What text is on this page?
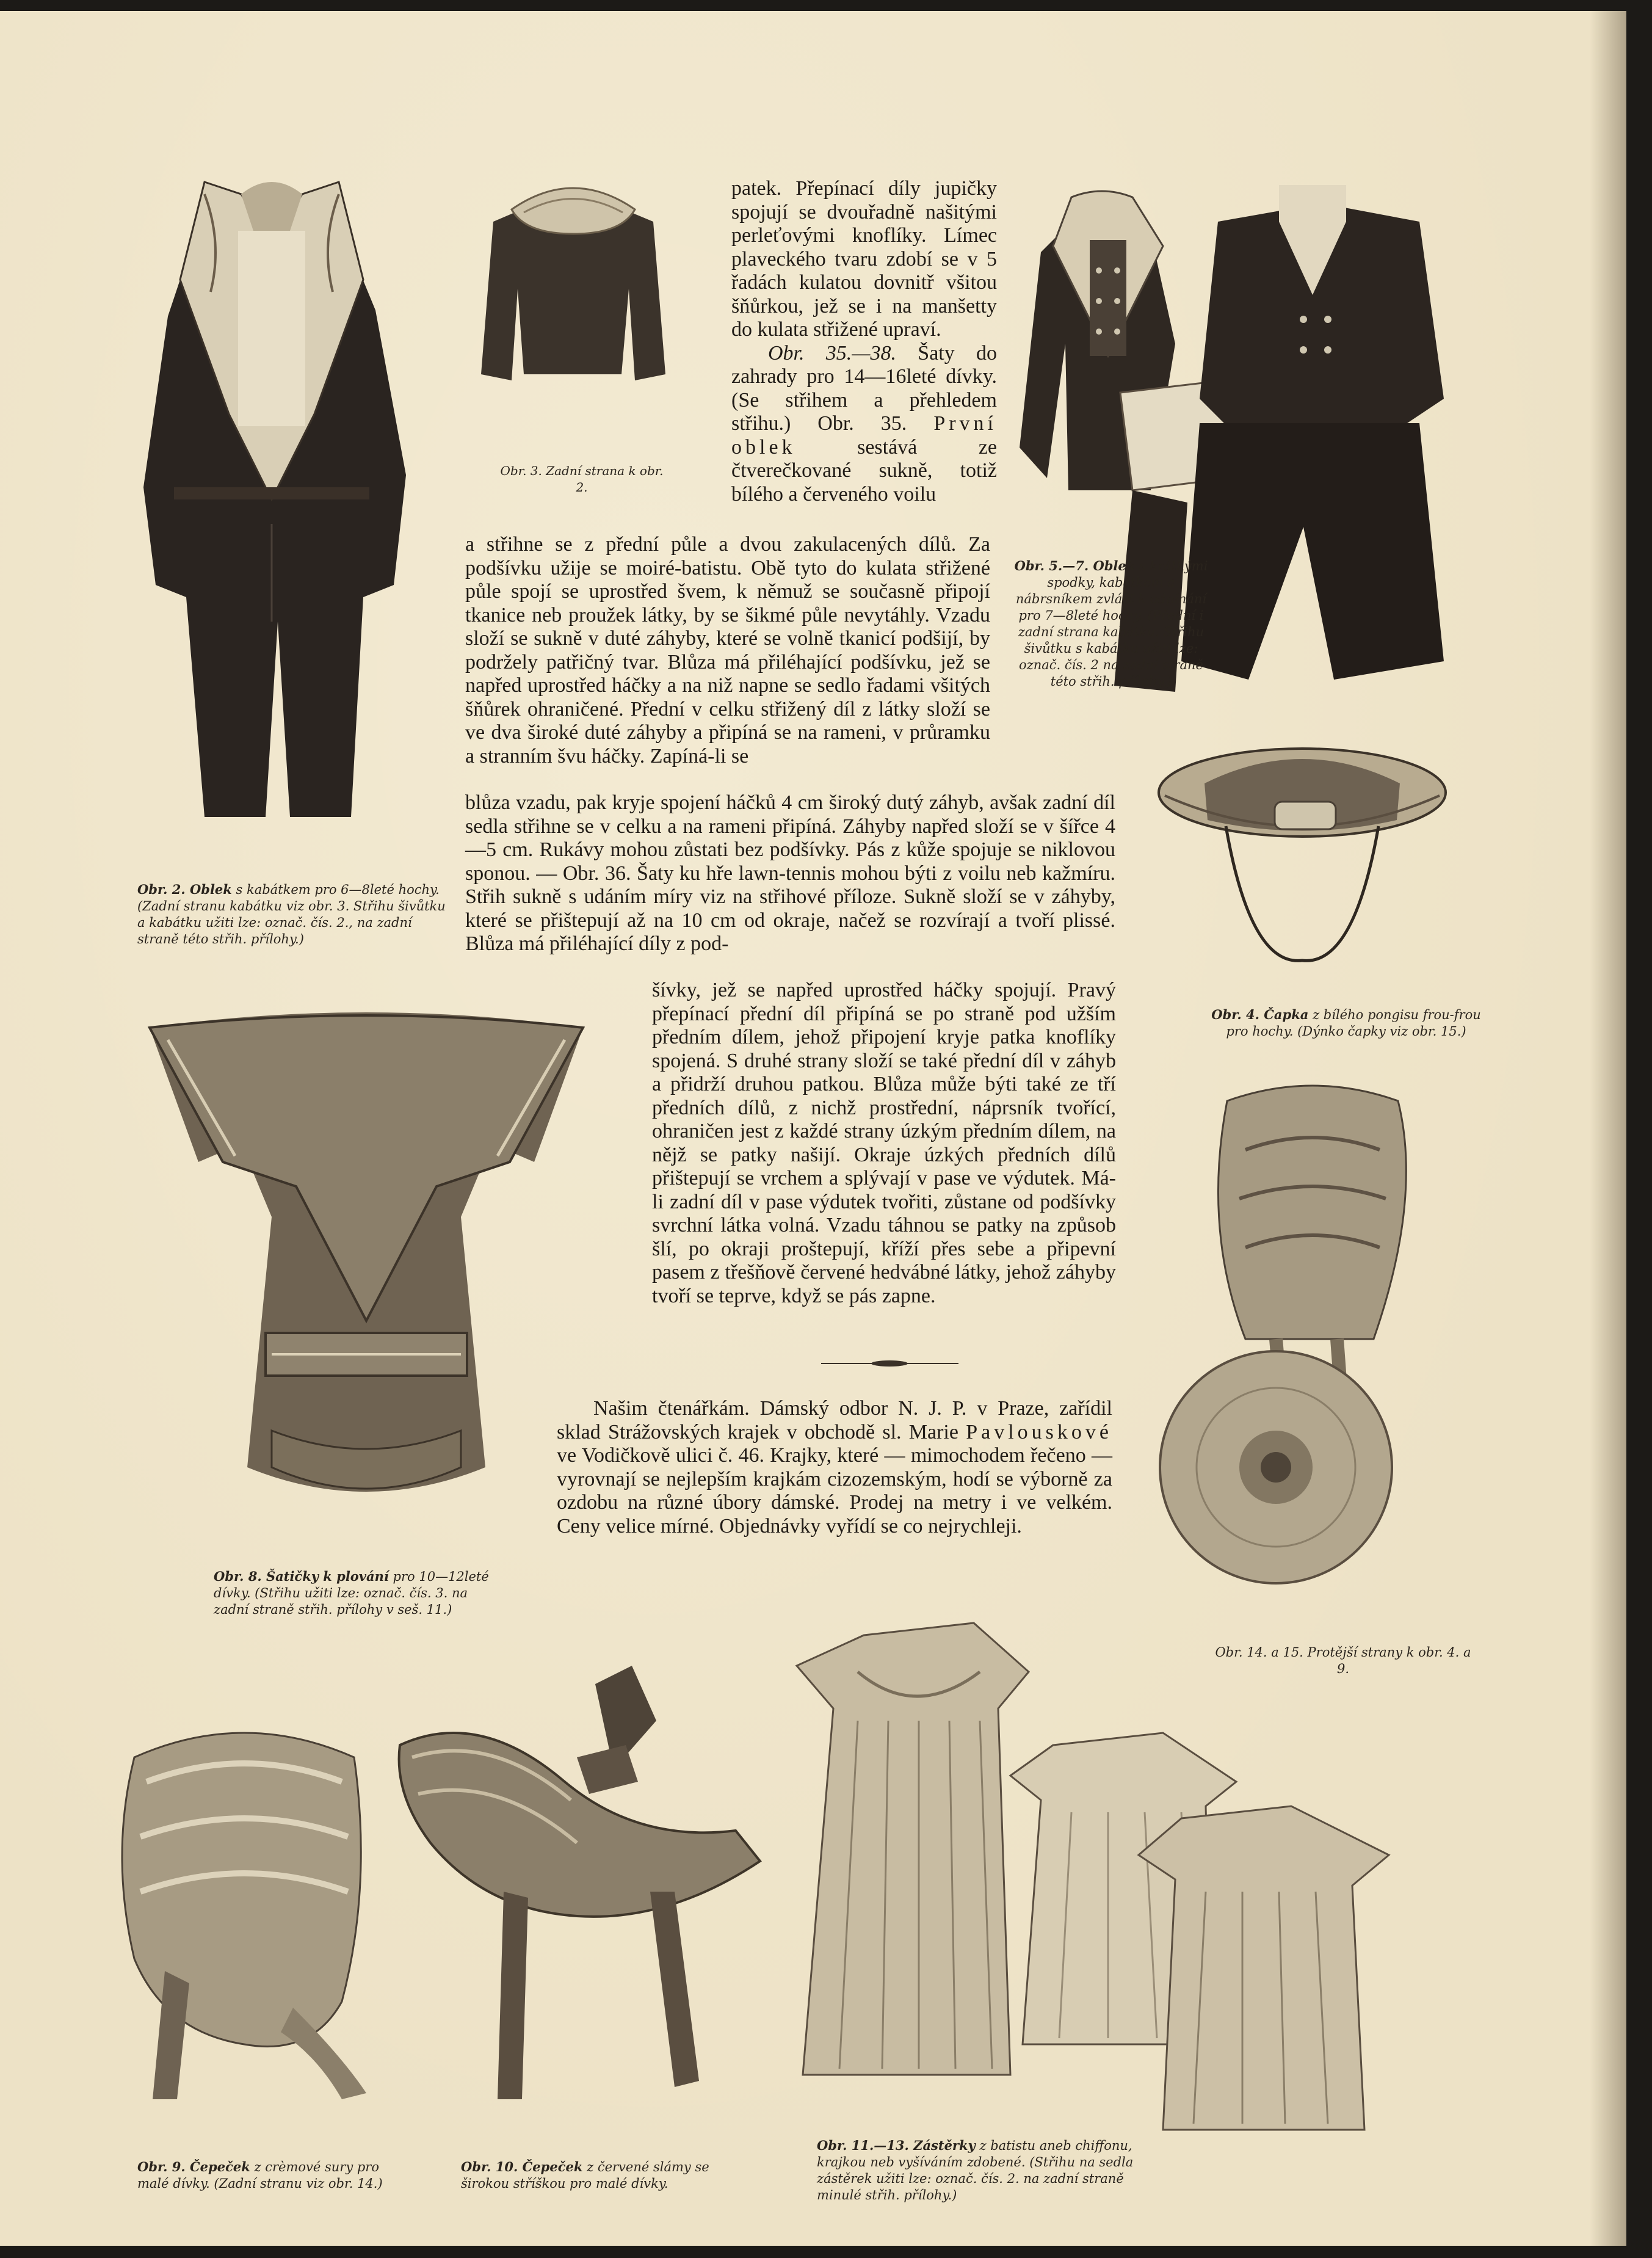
Obr. 2. Oblek s kabátkem pro 6—8leté hochy. (Zadní stranu kabátku viz obr. 3. Střihu šivůtku a kabátku užiti lze: označ. čís. 2., na zadní straně této střih. přílohy.)

Obr. 3. Zadní strana k obr. 2.

patek. Přepínací díly jupičky spojují se dvouřadně našitými perleťovými knoflíky. Límec plaveckého tvaru zdobí se v 5 řadách kulatou dovnitř všitou šňůrkou, jež se i na manšetty do kulata střižené upraví.

Obr. 35.—38. Šaty do zahrady pro 14—16leté dívky. (Se střihem a přehledem střihu.) Obr. 35. První oblek	sestává ze čtverečkované sukně, totiž bílého a červeného voilu

Obr. 5.—7. Oblek s krátkými spodky, kabátkem a nábrsníkem zvlášť k odpínání pro 7—8leté hochy. (Přední i zadní strana kabátku. Střihu šivůtku s kabátku užiti lze: označ. čís. 2 na zadní straně této střih. přílohy.)

a střihne se z přední půle a dvou zakulacených dílů. Za podšívku užije se moiré-batistu. Obě tyto do kulata střižené půle spojí se uprostřed švem, k němuž se současně připojí tkanice neb proužek látky, by se šikmé půle nevytáhly. Vzadu složí se sukně v duté záhyby, které se volně tkanicí podšijí, by podržely patřičný tvar. Blůza má přiléhající podšívku, jež se napřed uprostřed háčky a na niž napne se sedlo řadami všitých šňůrek ohraničené. Přední v celku střižený díl z látky složí se ve dva široké duté záhyby a připíná se na rameni, v průramku a stranním švu háčky. Zapíná-li se

Obr. 4. Čapka z bílého pongisu frou-frou pro hochy. (Dýnko čapky viz obr. 15.)

blůza vzadu, pak kryje spojení háčků 4 cm široký dutý záhyb, avšak zadní díl sedla střihne se v celku a na rameni připíná. Záhyby napřed složí se v šířce 4—5 cm. Rukávy mohou zůstati bez podšívky. Pás z kůže spojuje se niklovou sponou. — Obr. 36. Šaty ku hře lawn-tennis mohou býti z voilu neb kažmíru. Střih sukně s udáním míry viz na střihové příloze. Sukně složí se v záhyby, které se přištepují až na 10 cm od okraje, načež se rozvírají a tvoří plissé. Blůza má přiléhající díly z pod-

Obr. 8. Šatičky k plování pro 10—12leté dívky. (Střihu užiti lze: označ. čís. 3. na zadní straně střih. přílohy v seš. 11.)

šívky, jež se napřed uprostřed háčky spojují. Pravý přepínací přední díl připíná se po straně pod užším předním dílem, jehož připojení kryje patka knoflíky spojená. S druhé strany složí se také přední díl v záhyb a přidrží druhou patkou. Blůza může býti také ze tří předních dílů, z nichž prostřední, náprsník tvořící, ohraničen jest z každé strany úzkým předním dílem, na nějž se patky našijí. Okraje úzkých předních dílů přištepují se vrchem a splývají v pase ve výdutek. Má-li zadní díl v pase výdutek tvořiti, zůstane od podšívky svrchní látka volná. Vzadu táhnou se patky na způsob šlí, po okraji proštepují, kříží přes sebe a připevní pasem z třešňově červené hedvábné látky, jehož záhyby tvoří se teprve, když se pás zapne.
Našim čtenářkám. Dámský odbor N. J. P. v Praze, zařídil sklad Strážovských krajek v obchodě sl. Marie Pavlouskové ve Vodičkově ulici č. 46. Krajky, které — mimochodem řečeno — vyrovnají se nejlepším krajkám cizozemským, hodí se výborně za ozdobu na různé úbory dámské. Prodej na metry i ve velkém. Ceny velice mírné. Objednávky vyřídí se co nejrychleji.

Obr. 14. a 15. Protější strany k obr. 4. a 9.

Obr. 9. Čepeček z crèmové sury pro malé dívky. (Zadní stranu viz obr. 14.)

Obr. 10. Čepeček z červené slámy se širokou stříškou pro malé dívky.

Obr. 11.—13. Zástěrky z batistu aneb chiffonu, krajkou neb vyšíváním zdobené. (Střihu na sedla zástěrek užiti lze: označ. čís. 2. na zadní straně minulé střih. přílohy.)
